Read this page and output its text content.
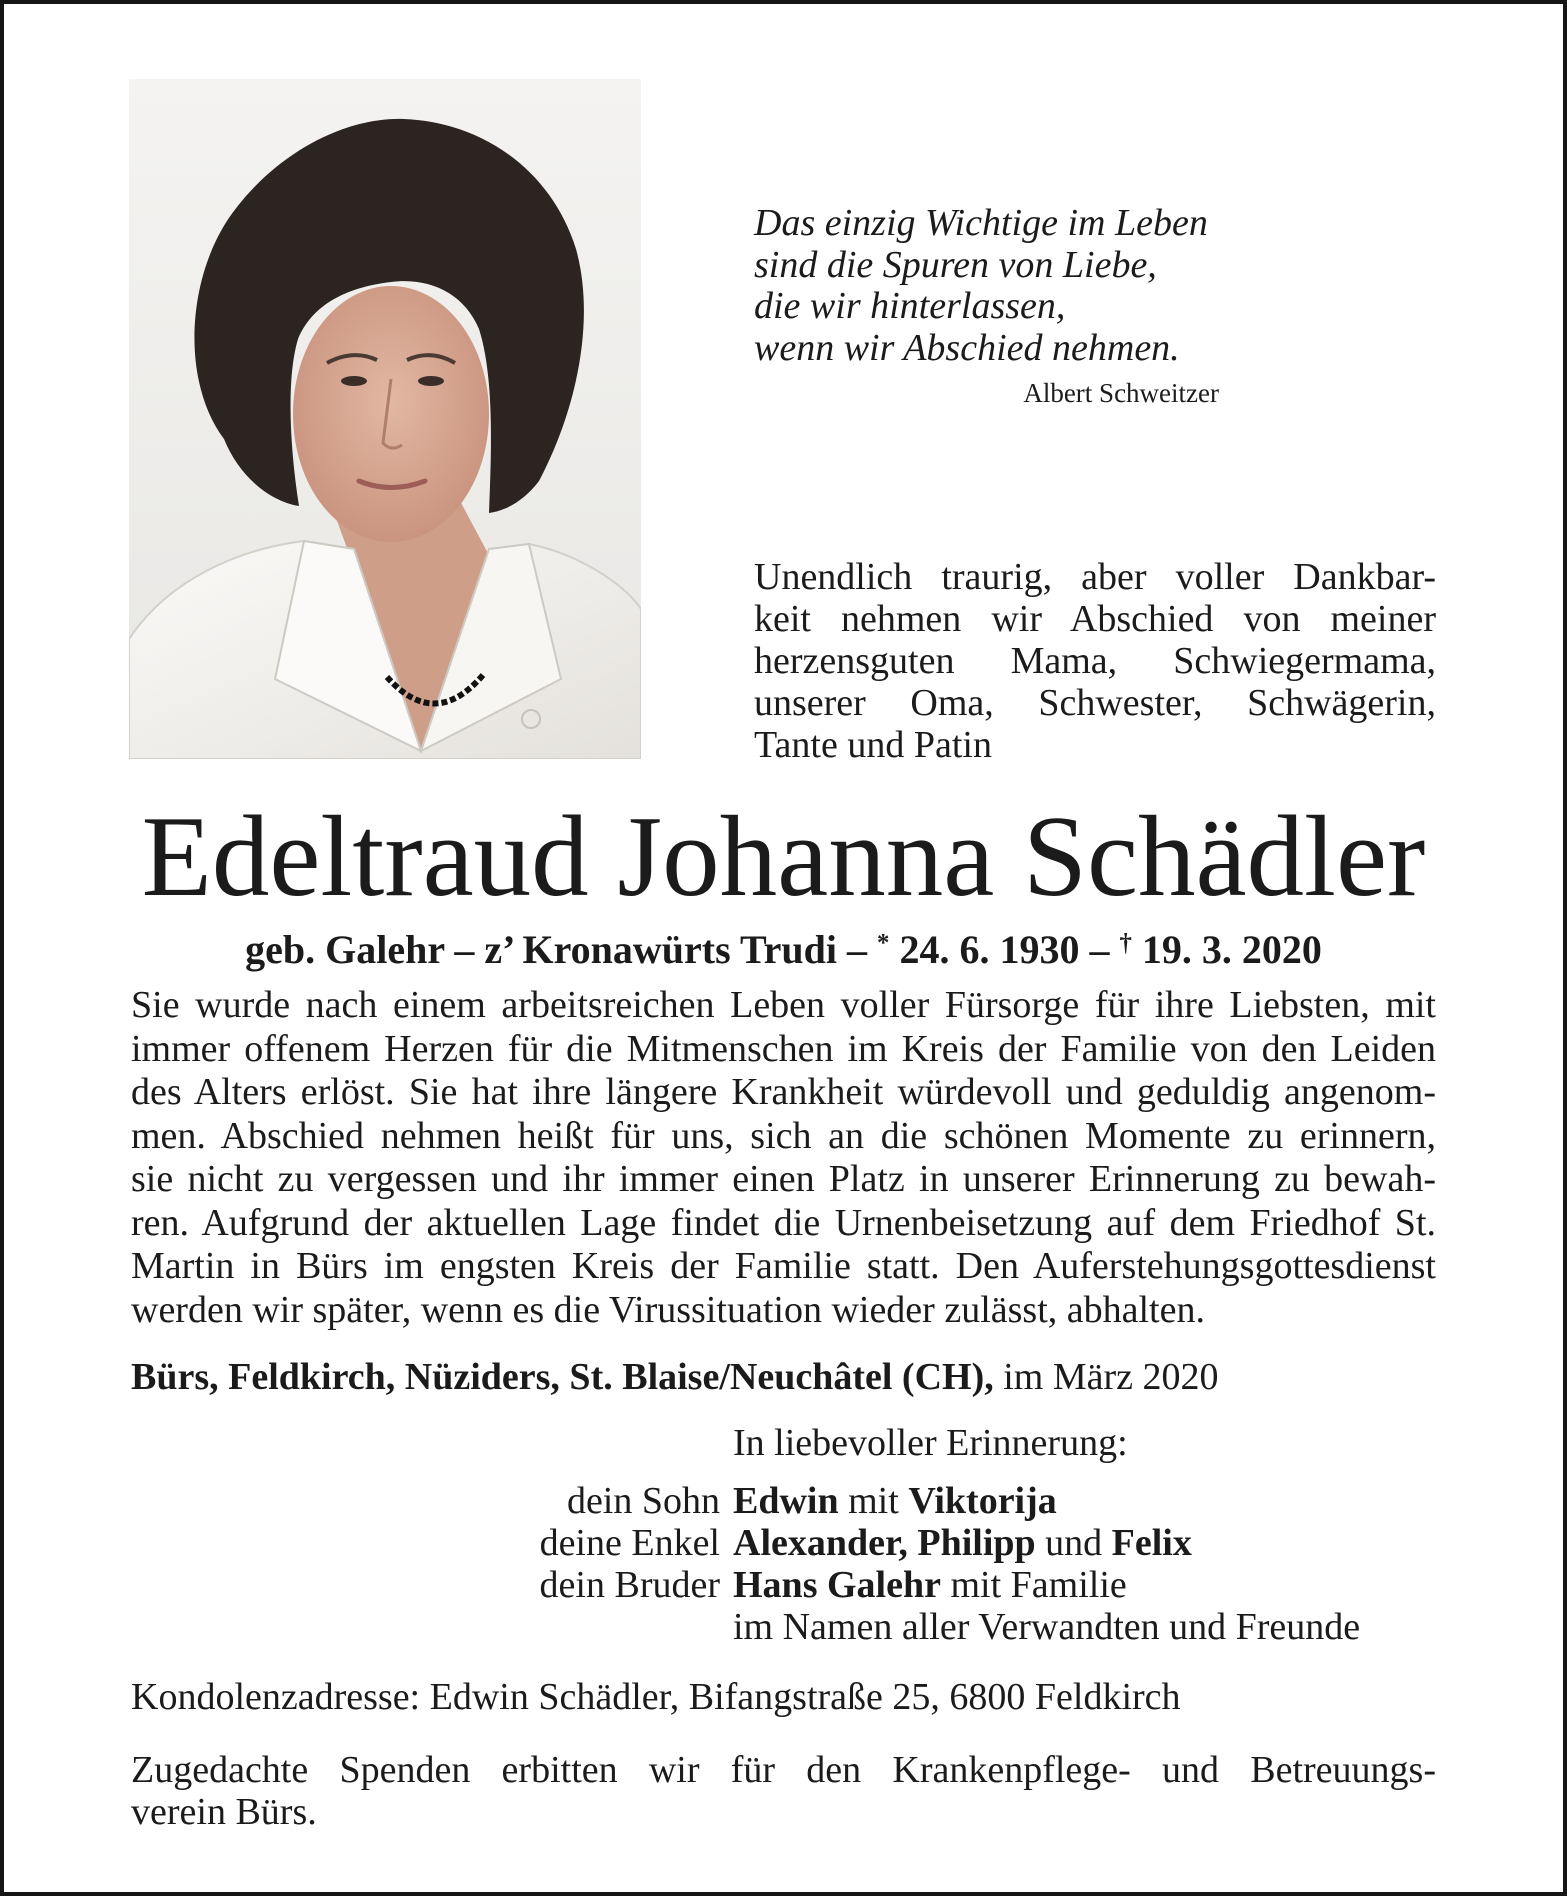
Das einzig Wichtige im Leben
sind die Spuren von Liebe,
die wir hinterlassen,
wenn wir Abschied nehmen.
Albert Schweitzer
Unendlich traurig, aber voller Dankbar-
keit nehmen wir Abschied von meiner
herzensguten Mama, Schwiegermama,
unserer Oma, Schwester, Schwägerin,
Tante und Patin
Edeltraud Johanna Schädler
geb. Galehr – z’ Kronawürts Trudi – * 24. 6. 1930 – † 19. 3. 2020
Sie wurde nach einem arbeitsreichen Leben voller Fürsorge für ihre Liebsten, mit
immer offenem Herzen für die Mitmenschen im Kreis der Familie von den Leiden
des Alters erlöst. Sie hat ihre längere Krankheit würdevoll und geduldig angenom-
men. Abschied nehmen heißt für uns, sich an die schönen Momente zu erinnern,
sie nicht zu vergessen und ihr immer einen Platz in unserer Erinnerung zu bewah-
ren. Aufgrund der aktuellen Lage findet die Urnenbeisetzung auf dem Friedhof St.
Martin in Bürs im engsten Kreis der Familie statt. Den Auferstehungsgottesdienst
werden wir später, wenn es die Virussituation wieder zulässt, abhalten.
Bürs, Feldkirch, Nüziders, St. Blaise/Neuchâtel (CH), im März 2020
In liebevoller Erinnerung:
dein Sohn Edwin mit Viktorija
deine Enkel Alexander, Philipp und Felix
dein Bruder Hans Galehr mit Familie
im Namen aller Verwandten und Freunde
Kondolenzadresse: Edwin Schädler, Bifangstraße 25, 6800 Feldkirch
Zugedachte Spenden erbitten wir für den Krankenpflege- und Betreuungs-
verein Bürs.
